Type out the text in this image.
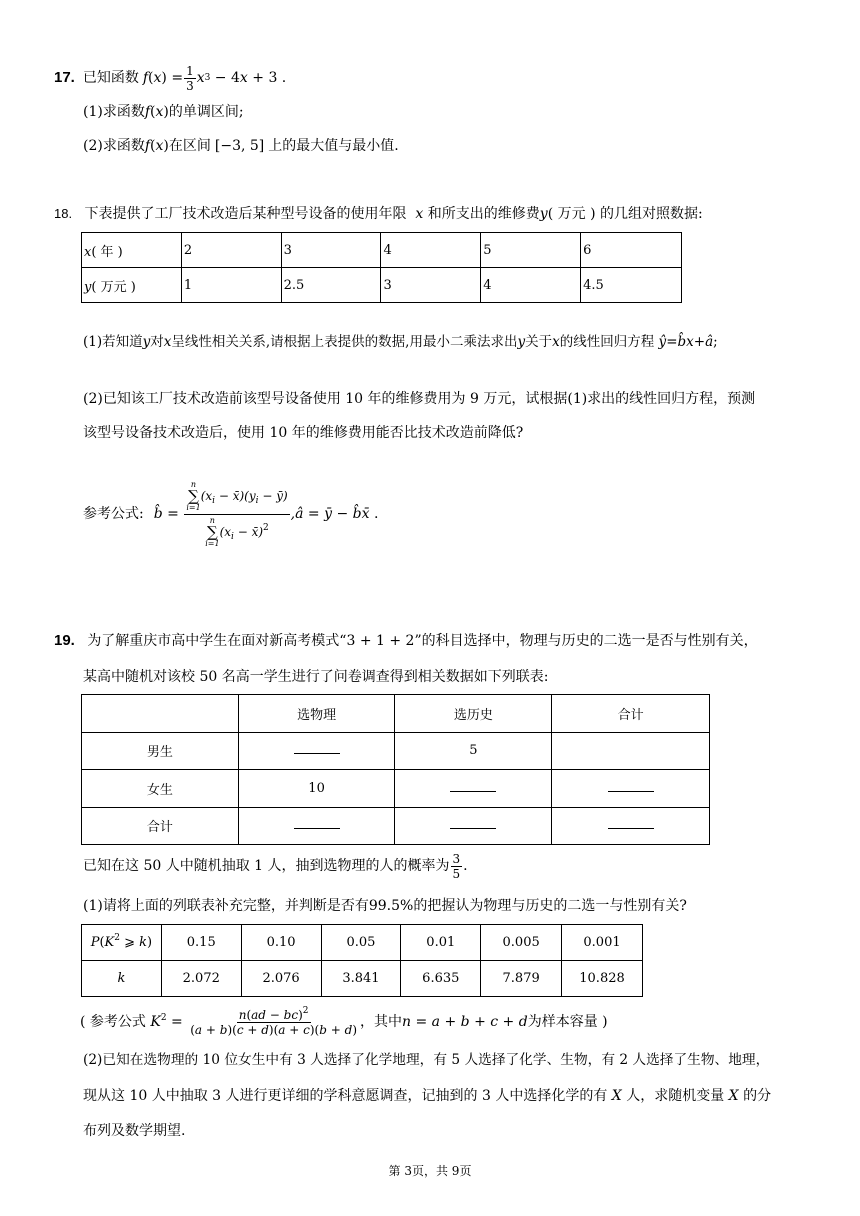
17. 已知函数 f ( x ) = $\frac{1}{3}$ x 3 − 4 x + 3 .
(1)求函数f(x)的单调区间;
(2)求函数f(x)在区间 [−3, 5] 上的最大值与最小值.
18. 下表提供了工厂技术改造后某种型号设备的使用年限  x 和所支出的维修费y( 万元 ) 的几组对照数据:
x( 年 )	2	3	4	5	6
y( 万元 )	1	2.5	3	4	4.5
(1)若知道y对x呈线性相关关系,请根据上表提供的数据,用最小二乘法求出y关于x的线性回归方程 ŷ=b̂x+â;
(2)已知该工厂技术改造前该型号设备使用 10 年的维修费用为 9 万元，试根据(1)求出的线性回归方程，预测
该型号设备技术改造后，使用 10 年的维修费用能否比技术改造前降低?
参考公式: b̂ = n
∑
i=1
($x_i$ − $x̄)(y_i$ − ȳ)
n
∑
i=1
($x_i$ − x̄)$^2$ ,â = ȳ − b̂x̄ .
19. 为了解重庆市高中学生在面对新高考模式“3 + 1 + 2”的科目选择中，物理与历史的二选一是否与性别有关，
某高中随机对该校 50 名高一学生进行了问卷调查得到相关数据如下列联表:
	选物理	选历史	合计
男生		5	
女生	10		
合计			
已知在这 50 人中随机抽取 1 人，抽到选物理的人的概率为 $\frac{3}{5}$ .
(1)请将上面的列联表补充完整，并判断是否有99.5%的把握认为物理与历史的二选一与性别有关?
$P(K^2$ ⩾ k)	0.15	0.10	0.05	0.01	0.005	0.001
k	2.072	2.076	3.841	6.635	7.879	10.828
( 参考公式 $K^2 = \frac{n(ad - bc)^2}{(a + b)(c + d)(a + c)(b + d)}$ ，其中 n = a + b + c + d 为样本容量 )
(2)已知在选物理的 10 位女生中有 3 人选择了化学地理，有 5 人选择了化学、生物，有 2 人选择了生物、地理，
现从这 10 人中抽取 3 人进行更详细的学科意愿调查，记抽到的 3 人中选择化学的有 X 人，求随机变量 X 的分
布列及数学期望.
第 3页，共 9页
